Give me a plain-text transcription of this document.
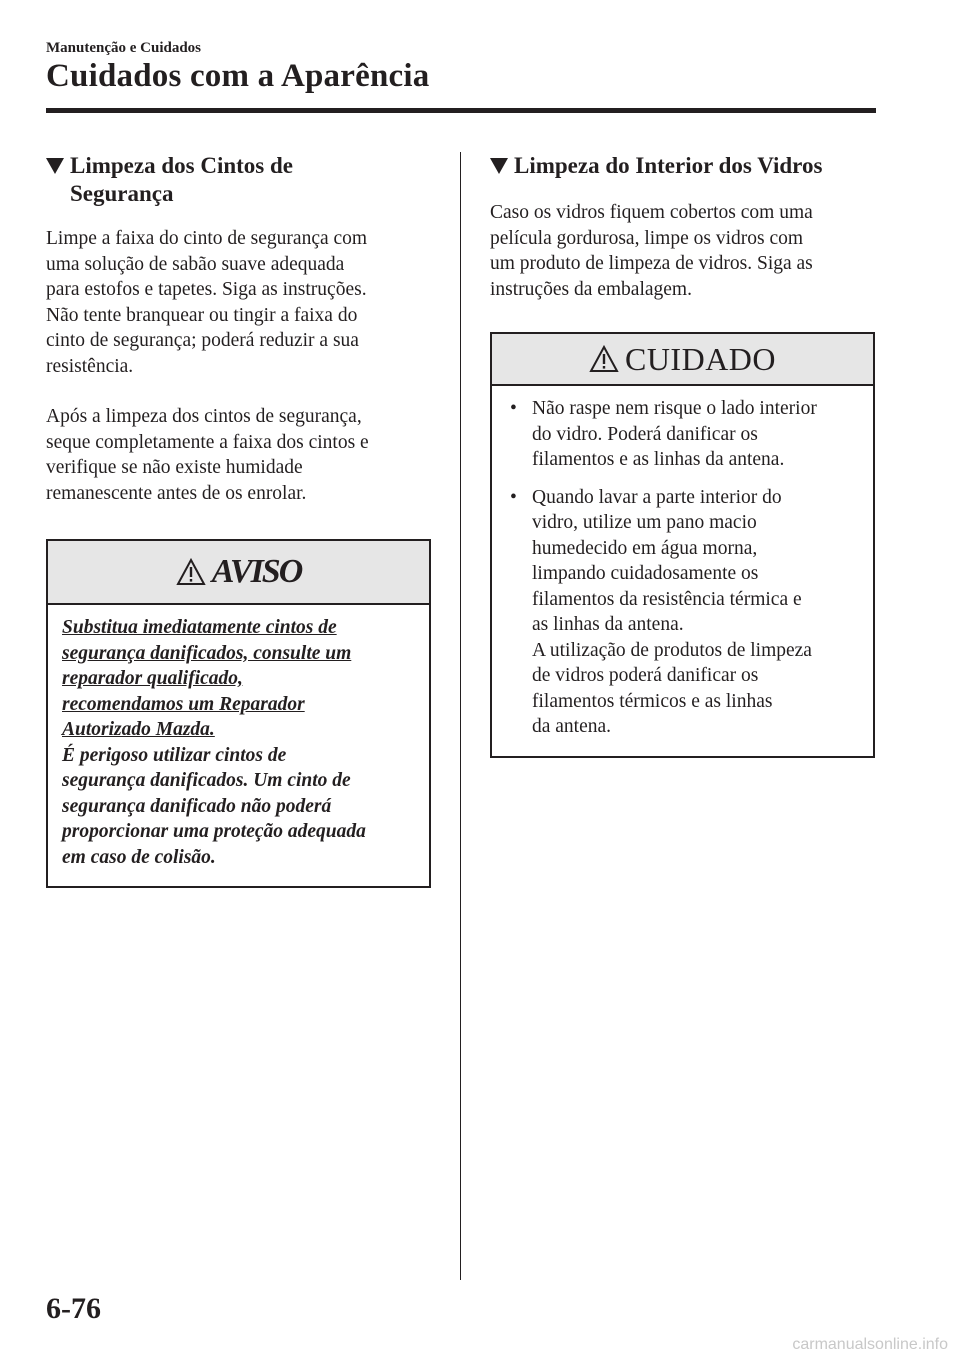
Manutenção e Cuidados
Cuidados com a Aparência
Limpeza dos Cintos de
Segurança

Limpe a faixa do cinto de segurança com
uma solução de sabão suave adequada
para estofos e tapetes. Siga as instruções.
Não tente branquear ou tingir a faixa do
cinto de segurança; poderá reduzir a sua
resistência.

Após a limpeza dos cintos de segurança,
seque completamente a faixa dos cintos e
verifique se não existe humidade
remanescente antes de os enrolar.

AVISO
Substitua imediatamente cintos de
segurança danificados, consulte um
reparador qualificado,
recomendamos um Reparador
Autorizado Mazda.
É perigoso utilizar cintos de
segurança danificados. Um cinto de
segurança danificado não poderá
proporcionar uma proteção adequada
em caso de colisão.
Limpeza do Interior dos Vidros

Caso os vidros fiquem cobertos com uma
película gordurosa, limpe os vidros com
um produto de limpeza de vidros. Siga as
instruções da embalagem.

CUIDADO
• Não raspe nem risque o lado interior
do vidro. Poderá danificar os
filamentos e as linhas da antena.
• Quando lavar a parte interior do
vidro, utilize um pano macio
humedecido em água morna,
limpando cuidadosamente os
filamentos da resistência térmica e
as linhas da antena.
A utilização de produtos de limpeza
de vidros poderá danificar os
filamentos térmicos e as linhas
da antena.
6-76
carmanualsonline.info
